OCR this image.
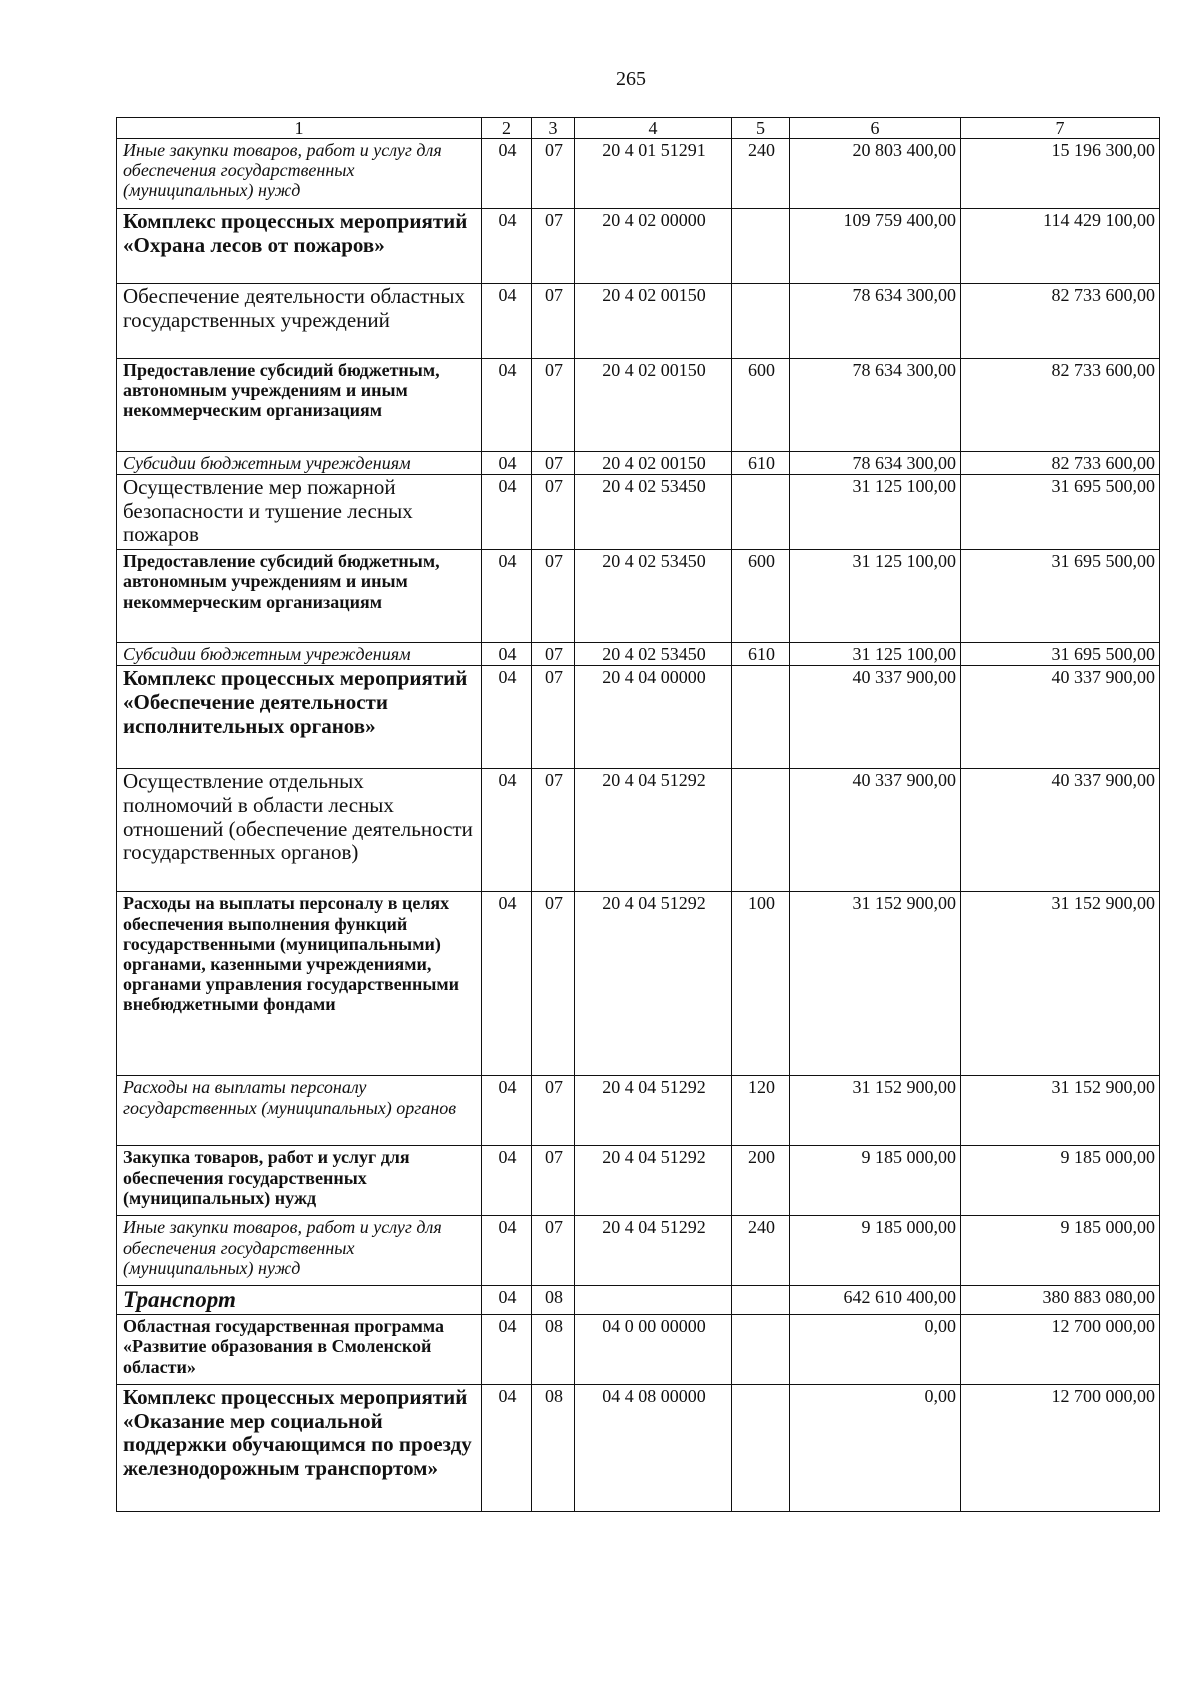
265
1	2	3	4	5	6	7
Иные закупки товаров, работ и услуг для обеспечения государственных (муниципальных) нужд	04	07	20 4 01 51291	240	20 803 400,00	15 196 300,00
Комплекс процессных мероприятий «Охрана лесов от пожаров»	04	07	20 4 02 00000		109 759 400,00	114 429 100,00
Обеспечение деятельности областных государственных учреждений	04	07	20 4 02 00150		78 634 300,00	82 733 600,00
Предоставление субсидий бюджетным, автономным учреждениям и иным некоммерческим организациям	04	07	20 4 02 00150	600	78 634 300,00	82 733 600,00
Субсидии бюджетным учреждениям	04	07	20 4 02 00150	610	78 634 300,00	82 733 600,00
Осуществление мер пожарной безопасности и тушение лесных пожаров	04	07	20 4 02 53450		31 125 100,00	31 695 500,00
Предоставление субсидий бюджетным, автономным учреждениям и иным некоммерческим организациям	04	07	20 4 02 53450	600	31 125 100,00	31 695 500,00
Субсидии бюджетным учреждениям	04	07	20 4 02 53450	610	31 125 100,00	31 695 500,00
Комплекс процессных мероприятий «Обеспечение деятельности исполнительных органов»	04	07	20 4 04 00000		40 337 900,00	40 337 900,00
Осуществление отдельных полномочий в области лесных отношений (обеспечение деятельности государственных органов)	04	07	20 4 04 51292		40 337 900,00	40 337 900,00
Расходы на выплаты персоналу в целях обеспечения выполнения функций государственными (муниципальными) органами, казенными учреждениями, органами управления государственными внебюджетными фондами	04	07	20 4 04 51292	100	31 152 900,00	31 152 900,00
Расходы на выплаты персоналу государственных (муниципальных) органов	04	07	20 4 04 51292	120	31 152 900,00	31 152 900,00
Закупка товаров, работ и услуг для обеспечения государственных (муниципальных) нужд	04	07	20 4 04 51292	200	9 185 000,00	9 185 000,00
Иные закупки товаров, работ и услуг для обеспечения государственных (муниципальных) нужд	04	07	20 4 04 51292	240	9 185 000,00	9 185 000,00
Транспорт	04	08			642 610 400,00	380 883 080,00
Областная государственная программа «Развитие образования в Смоленской области»	04	08	04 0 00 00000		0,00	12 700 000,00
Комплекс процессных мероприятий «Оказание мер социальной поддержки обучающимся по проезду железнодорожным транспортом»	04	08	04 4 08 00000		0,00	12 700 000,00
